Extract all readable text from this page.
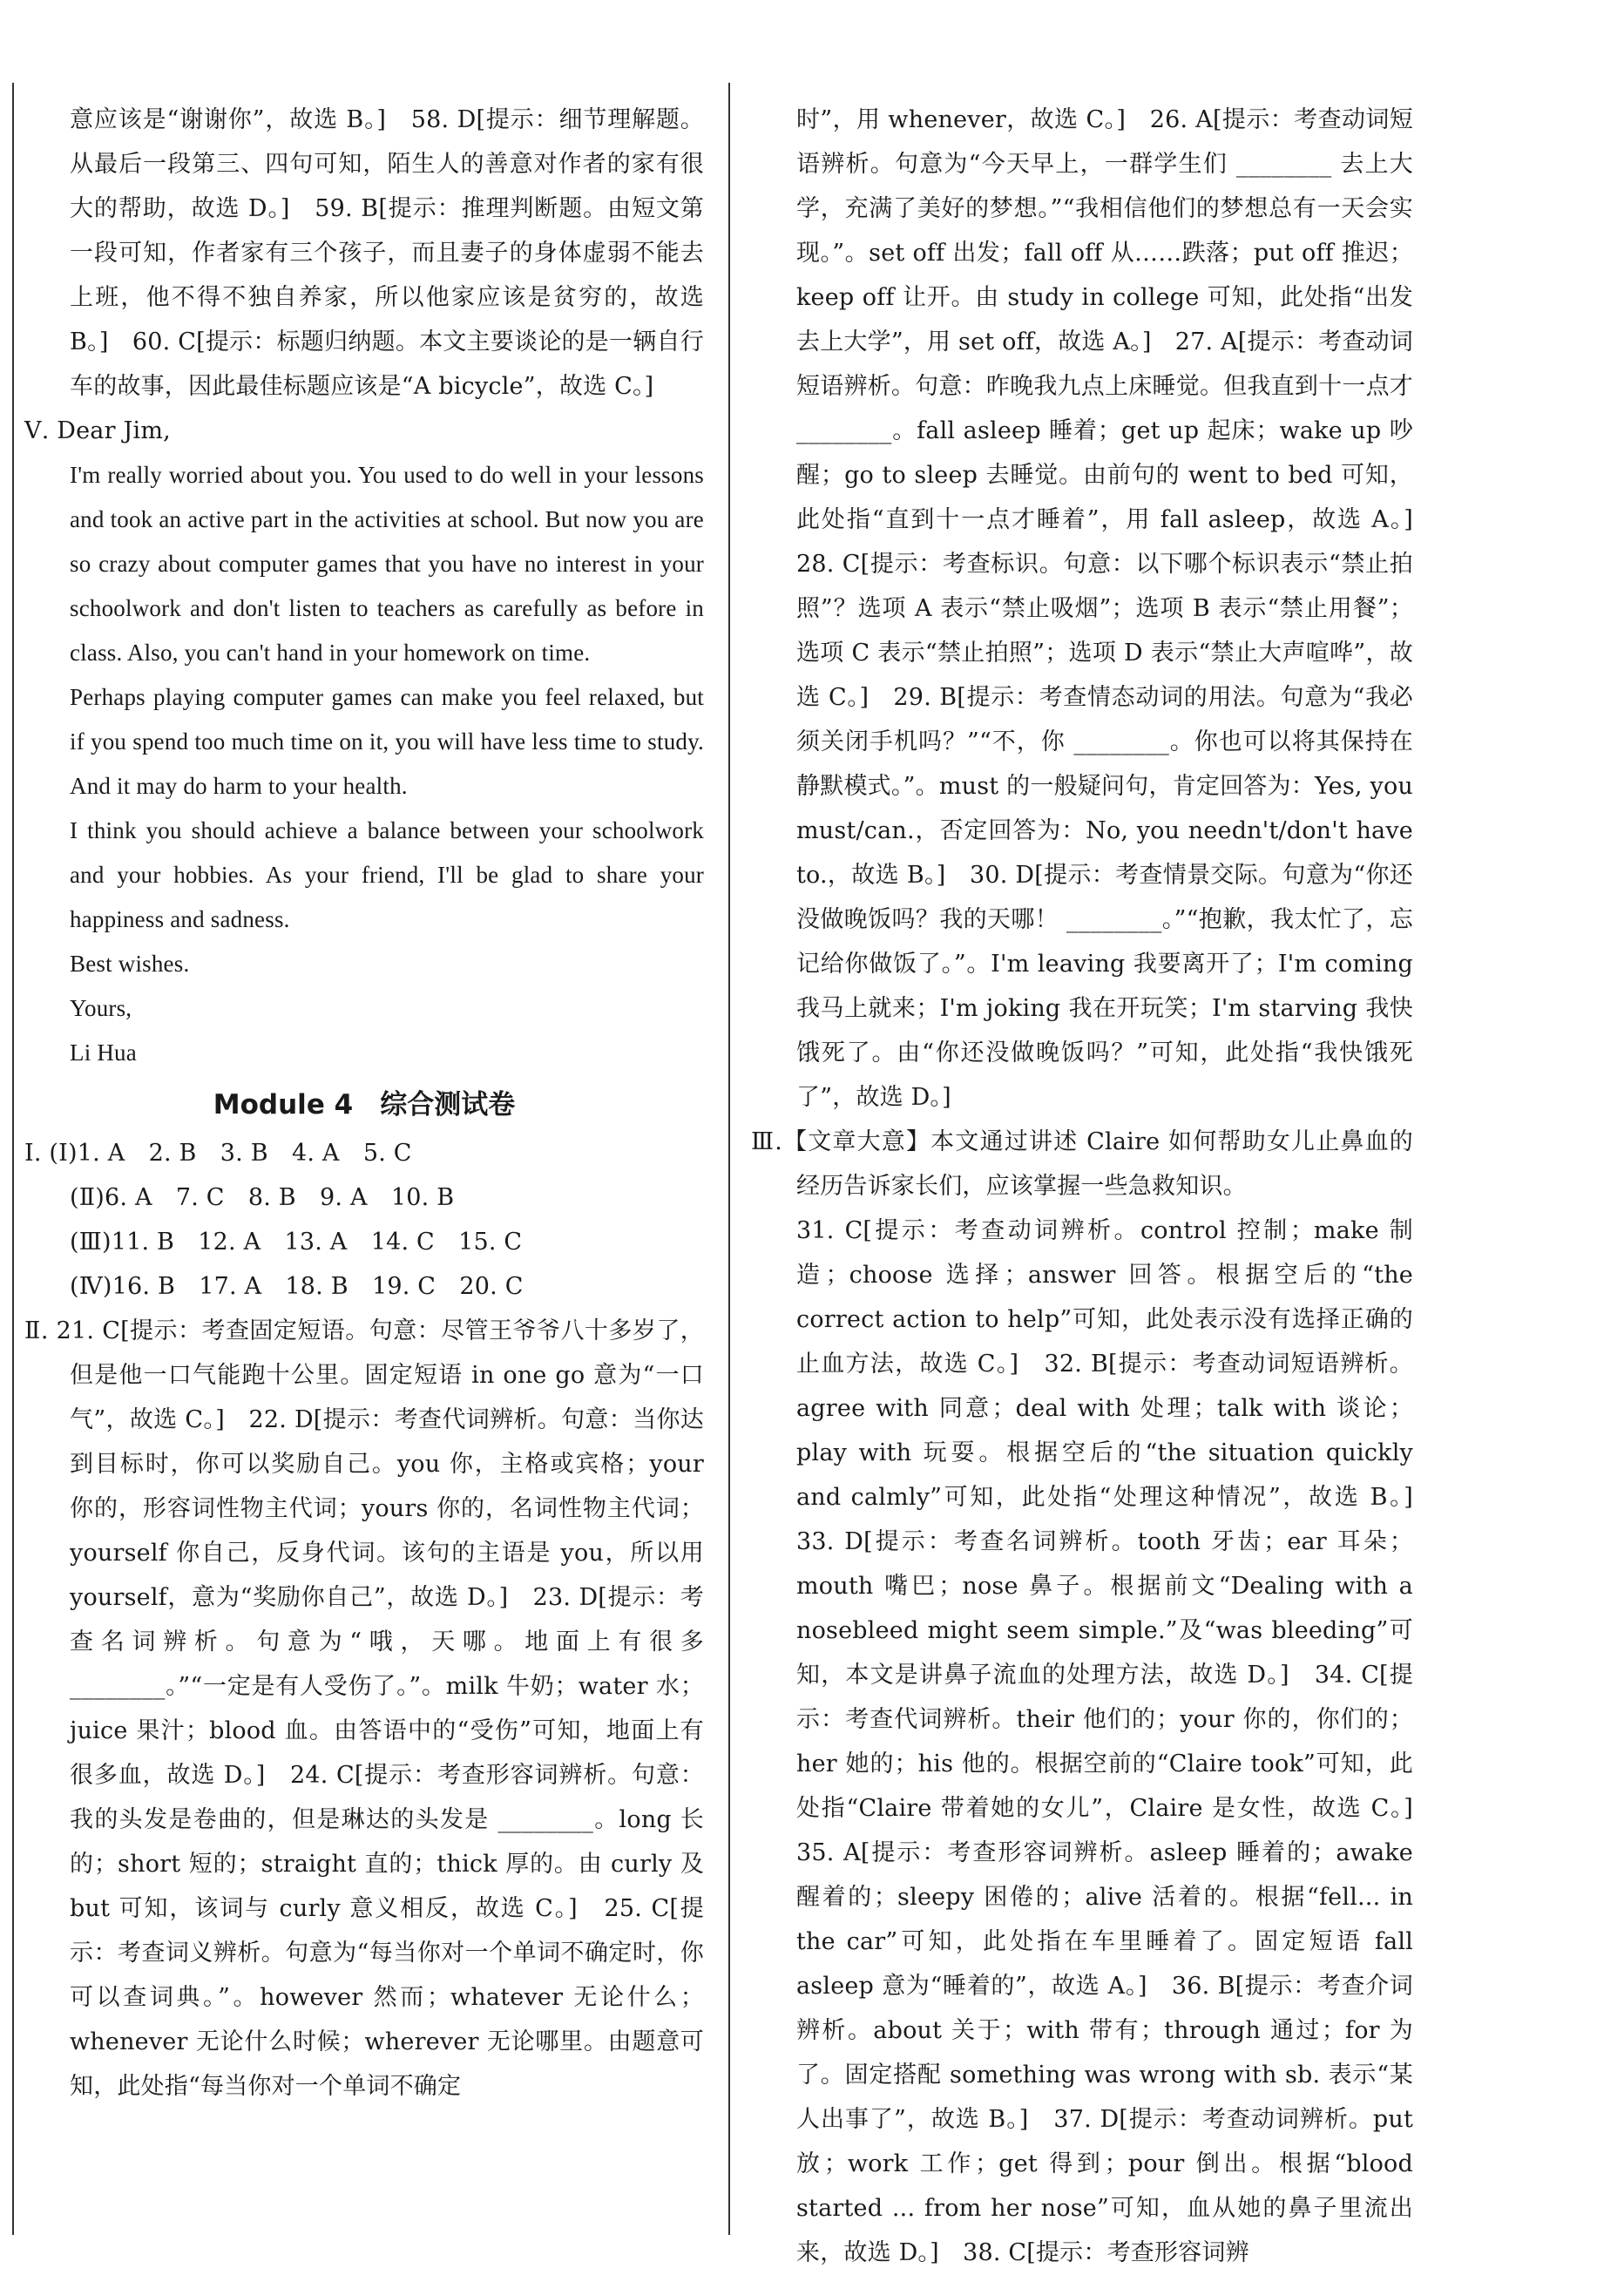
意应该是“谢谢你”，故选 B。]　58. D[提示：细节理解题。从最后一段第三、四句可知，陌生人的善意对作者的家有很大的帮助，故选 D。]　59. B[提示：推理判断题。由短文第一段可知，作者家有三个孩子，而且妻子的身体虚弱不能去上班，他不得不独自养家，所以他家应该是贫穷的，故选 B。]　60. C[提示：标题归纳题。本文主要谈论的是一辆自行车的故事，因此最佳标题应该是“A bicycle”，故选 C。]

Ⅴ. Dear Jim,

I'm really worried about you. You used to do well in your lessons and took an active part in the activities at school. But now you are so crazy about computer games that you have no interest in your schoolwork and don't listen to teachers as carefully as before in class. Also, you can't hand in your homework on time.

Perhaps playing computer games can make you feel relaxed, but if you spend too much time on it, you will have less time to study. And it may do harm to your health.

I think you should achieve a balance between your schoolwork and your hobbies. As your friend, I'll be glad to share your happiness and sadness.

Best wishes.

Yours,

Li Hua

Module 4　综合测试卷

Ⅰ. (Ⅰ)1. A　2. B　3. B　4. A　5. C

(Ⅱ)6. A　7. C　8. B　9. A　10. B

(Ⅲ)11. B　12. A　13. A　14. C　15. C

(Ⅳ)16. B　17. A　18. B　19. C　20. C

Ⅱ. 21. C[提示：考查固定短语。句意：尽管王爷爷八十多岁了，但是他一口气能跑十公里。固定短语 in one go 意为“一口气”，故选 C。]　22. D[提示：考查代词辨析。句意：当你达到目标时，你可以奖励自己。you 你，主格或宾格；your 你的，形容词性物主代词；yours 你的，名词性物主代词；yourself 你自己，反身代词。该句的主语是 you，所以用 yourself，意为“奖励你自己”，故选 D。]　23. D[提示：考查名词辨析。句意为“哦，天哪。地面上有很多 ________。”“一定是有人受伤了。”。milk 牛奶；water 水；juice 果汁；blood 血。由答语中的“受伤”可知，地面上有很多血，故选 D。]　24. C[提示：考查形容词辨析。句意：我的头发是卷曲的，但是琳达的头发是 ________。long 长的；short 短的；straight 直的；thick 厚的。由 curly 及 but 可知，该词与 curly 意义相反，故选 C。]　25. C[提示：考查词义辨析。句意为“每当你对一个单词不确定时，你可以查词典。”。however 然而；whatever 无论什么；whenever 无论什么时候；wherever 无论哪里。由题意可知，此处指“每当你对一个单词不确定

时”，用 whenever，故选 C。]　26. A[提示：考查动词短语辨析。句意为“今天早上，一群学生们 ________ 去上大学，充满了美好的梦想。”“我相信他们的梦想总有一天会实现。”。set off 出发；fall off 从……跌落；put off 推迟；keep off 让开。由 study in college 可知，此处指“出发去上大学”，用 set off，故选 A。]　27. A[提示：考查动词短语辨析。句意：昨晚我九点上床睡觉。但我直到十一点才 ________。fall asleep 睡着；get up 起床；wake up 吵醒；go to sleep 去睡觉。由前句的 went to bed 可知，此处指“直到十一点才睡着”，用 fall asleep，故选 A。]　28. C[提示：考查标识。句意：以下哪个标识表示“禁止拍照”？选项 A 表示“禁止吸烟”；选项 B 表示“禁止用餐”；选项 C 表示“禁止拍照”；选项 D 表示“禁止大声喧哗”，故选 C。]　29. B[提示：考查情态动词的用法。句意为“我必须关闭手机吗？”“不，你 ________。你也可以将其保持在静默模式。”。must 的一般疑问句，肯定回答为：Yes, you must/can.，否定回答为：No, you needn't/don't have to.，故选 B。]　30. D[提示：考查情景交际。句意为“你还没做晚饭吗？我的天哪！ ________。”“抱歉，我太忙了，忘记给你做饭了。”。I'm leaving 我要离开了；I'm coming 我马上就来；I'm joking 我在开玩笑；I'm starving 我快饿死了。由“你还没做晚饭吗？”可知，此处指“我快饿死了”，故选 D。]

Ⅲ.【文章大意】本文通过讲述 Claire 如何帮助女儿止鼻血的经历告诉家长们，应该掌握一些急救知识。

31. C[提示：考查动词辨析。control 控制；make 制造；choose 选择；answer 回答。根据空后的“the correct action to help”可知，此处表示没有选择正确的止血方法，故选 C。]　32. B[提示：考查动词短语辨析。agree with 同意；deal with 处理；talk with 谈论；play with 玩耍。根据空后的“the situation quickly and calmly”可知，此处指“处理这种情况”，故选 B。]　33. D[提示：考查名词辨析。tooth 牙齿；ear 耳朵；mouth 嘴巴；nose 鼻子。根据前文“Dealing with a nosebleed might seem simple.”及“was bleeding”可知，本文是讲鼻子流血的处理方法，故选 D。]　34. C[提示：考查代词辨析。their 他们的；your 你的，你们的；her 她的；his 他的。根据空前的“Claire took”可知，此处指“Claire 带着她的女儿”，Claire 是女性，故选 C。]　35. A[提示：考查形容词辨析。asleep 睡着的；awake 醒着的；sleepy 困倦的；alive 活着的。根据“fell... in the car”可知，此处指在车里睡着了。固定短语 fall asleep 意为“睡着的”，故选 A。]　36. B[提示：考查介词辨析。about 关于；with 带有；through 通过；for 为了。固定搭配 something was wrong with sb. 表示“某人出事了”，故选 B。]　37. D[提示：考查动词辨析。put 放；work 工作；get 得到；pour 倒出。根据“blood started ... from her nose”可知，血从她的鼻子里流出来，故选 D。]　38. C[提示：考查形容词辨
